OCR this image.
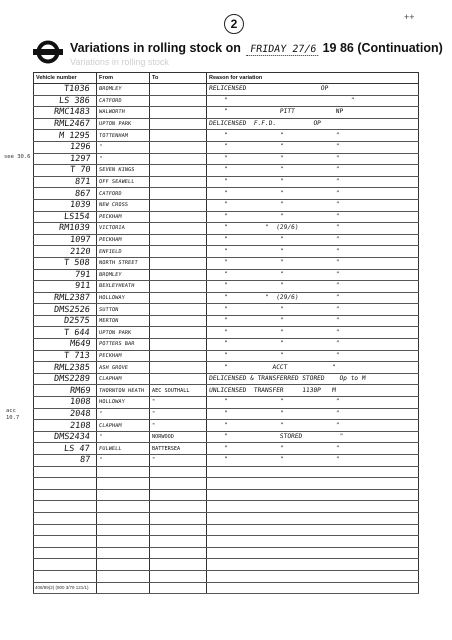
2	++
Variations in rolling stock on FRIDAY 27/6 19 86 (Continuation)
Variations in rolling stock
Vehicle number	From	To	Reason for variation
T1036	BROMLEY		RELICENSED                    OP
LS 386	CATFORD		"                                 "
RMC1483	WALWORTH		"              PITT           NP
RML2467	UPTON PARK		DELICENSED  F.F.D.          OP
M 1295	TOTTENHAM		"              "              "
1296	"		"              "              "
1297	"		"              "              "
T 70	SEVEN KINGS		"              "              "
871	OFF SEAWELL		"              "              "
867	CATFORD		"              "              "
1039	NEW CROSS		"              "              "
LS154	PECKHAM		"              "              "
RM1039	VICTORIA		"          "  (29/6)          "
1097	PECKHAM		"              "              "
2120	ENFIELD		"              "              "
T 508	NORTH STREET		"              "              "
791	BROMLEY		"              "              "
911	BEXLEYHEATH		"              "              "
RML2387	HOLLOWAY		"          "  (29/6)          "
DMS2526	SUTTON		"              "              "
D2575	MERTON		"              "              "
T 644	UPTON PARK		"              "              "
M649	POTTERS BAR		"              "              "
T 713	PECKHAM		"              "              "
RML2385	ASH GROVE		"            ACCT            "
DMS2289	CLAPHAM		DELICENSED & TRANSFERRED STORED    Op to M
RM69	THORNTON HEATH	AEC SOUTHALL	UNLICENSED  TRANSFER     1130P   M
1008	HOLLOWAY	"	"              "              "
2048	"	"	"              "              "
2108	CLAPHAM	"	"              "              "
DMS2434	"	NORWOOD	"              STORED          "
LS 47	FULWELL	BATTERSEA	"              "              "
87	"	"	"              "              "

see 30.6
acc 10.7
408/89(2) (900 3/79 121/1)
